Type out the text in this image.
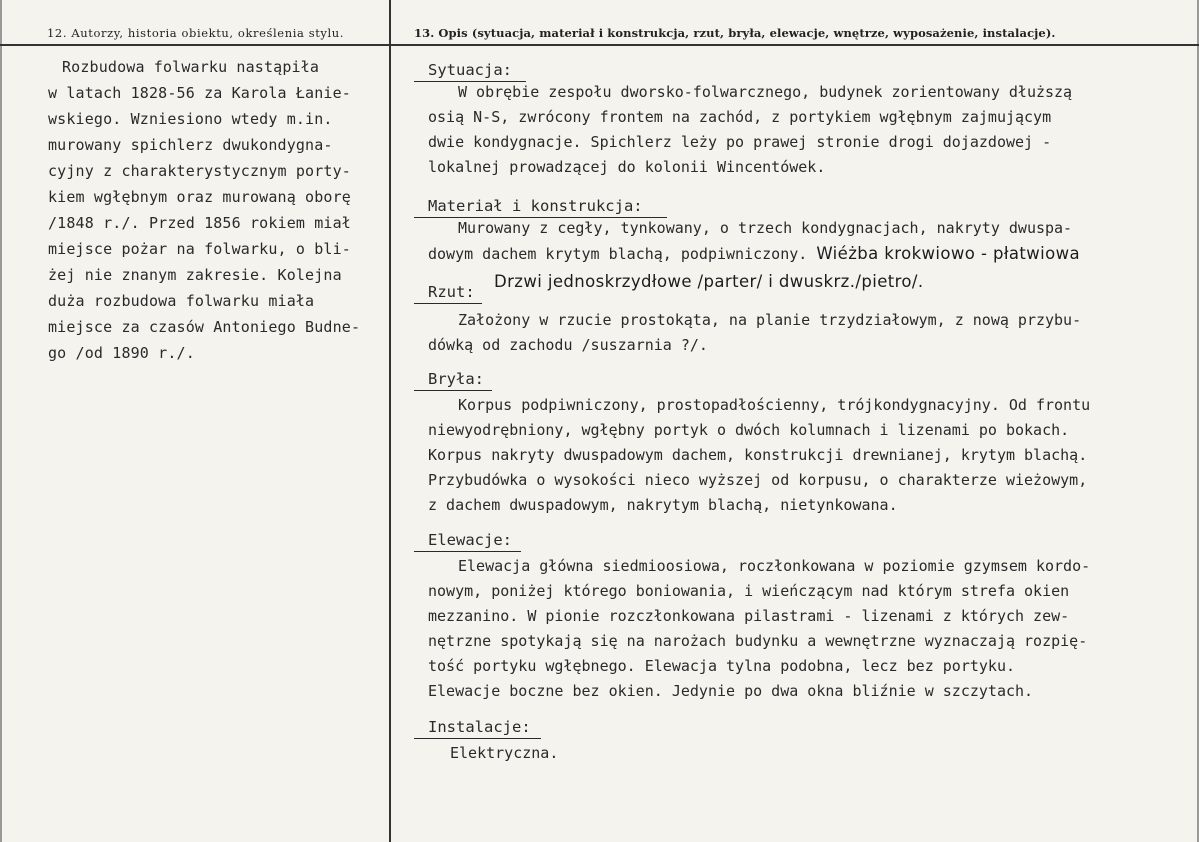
12. Autorzy, historia obiektu, określenia stylu.	13. Opis (sytuacja, materiał i konstrukcja, rzut, bryła, elewacje, wnętrze, wyposażenie, instalacje).
Rozbudowa folwarku nastąpiła
w latach 1828-56 za Karola Łanie-
wskiego. Wzniesiono wtedy m.in.
murowany spichlerz dwukondygna-
cyjny z charakterystycznym porty-
kiem wgłębnym oraz murowaną oborę
/1848 r./. Przed 1856 rokiem miał
miejsce pożar na folwarku, o bli-
żej nie znanym zakresie. Kolejna
duża rozbudowa folwarku miała
miejsce za czasów Antoniego Budne-
go /od 1890 r./.
Sytuacja:
W obrębie zespołu dworsko-folwarcznego, budynek zorientowany dłuższą
osią N-S, zwrócony frontem na zachód, z portykiem wgłębnym zajmującym
dwie kondygnacje. Spichlerz leży po prawej stronie drogi dojazdowej -
lokalnej prowadzącej do kolonii Wincentówek.
Materiał i konstrukcja:
Murowany z cegły, tynkowany, o trzech kondygnacjach, nakryty dwuspa-
dowym dachem krytym blachą, podpiwniczony. Wiéżba krokwiowo - płatwiowa
Rzut:
Założony w rzucie prostokąta, na planie trzydziałowym, z nową przybu-
dówką od zachodu /suszarnia ?/.
Drzwi jednoskrzydłowe /parter/ i dwuskrz./pietro/.
Bryła:
Korpus podpiwniczony, prostopadłościenny, trójkondygnacyjny. Od frontu
niewyodrębniony, wgłębny portyk o dwóch kolumnach i lizenami po bokach.
Korpus nakryty dwuspadowym dachem, konstrukcji drewnianej, krytym blachą.
Przybudówka o wysokości nieco wyższej od korpusu, o charakterze wieżowym,
z dachem dwuspadowym, nakrytym blachą, nietynkowana.
Elewacje:
Elewacja główna siedmioosiowa, roczłonkowana w poziomie gzymsem kordo-
nowym, poniżej którego boniowania, i wieńczącym nad którym strefa okien
mezzanino. W pionie rozczłonkowana pilastrami - lizenami z których zew-
nętrzne spotykają się na narożach budynku a wewnętrzne wyznaczają rozpię-
tość portyku wgłębnego. Elewacja tylna podobna, lecz bez portyku.
Elewacje boczne bez okien. Jedynie po dwa okna bliźnie w szczytach.
Instalacje:
Elektryczna.
